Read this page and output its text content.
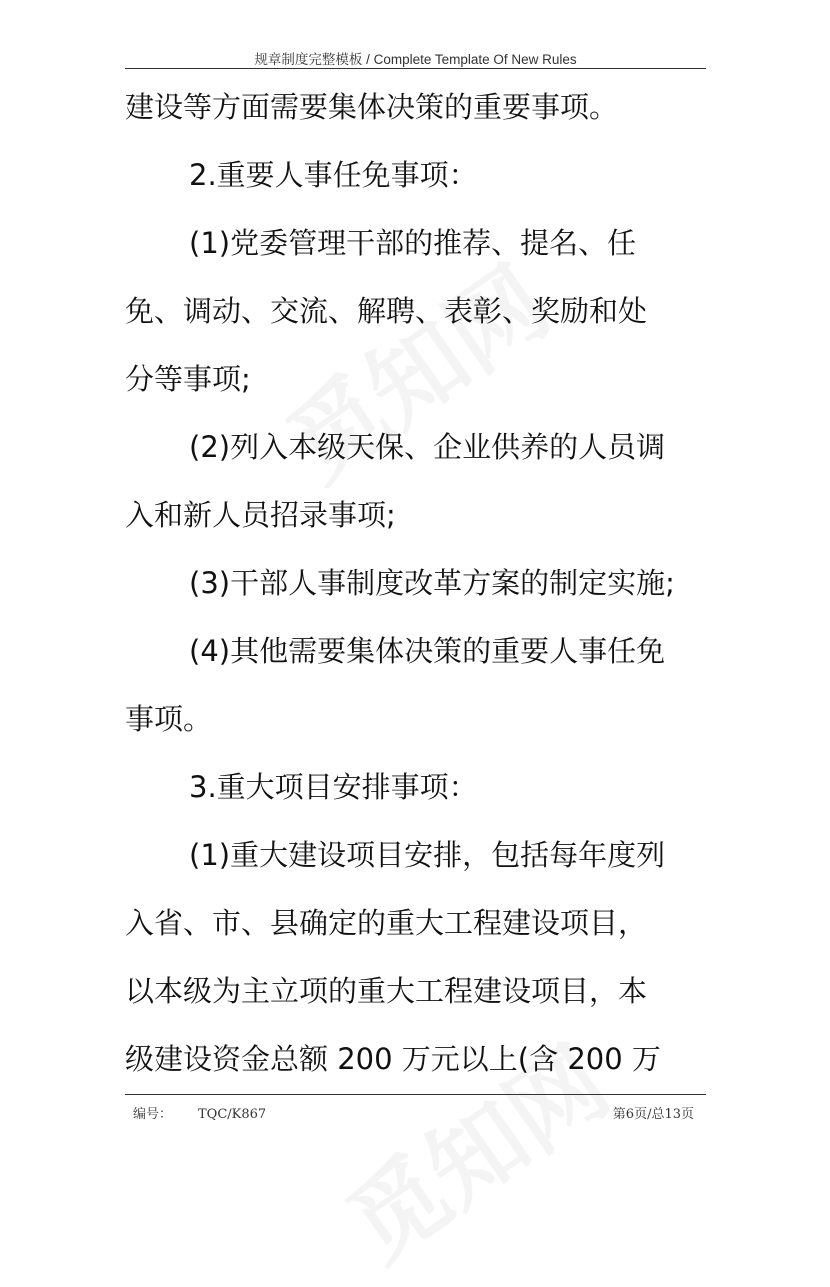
规章制度完整模板 / Complete Template Of New Rules
建设等方面需要集体决策的重要事项。
2.重要人事任免事项：
(1)党委管理干部的推荐、提名、任
免、调动、交流、解聘、表彰、奖励和处
分等事项;
(2)列入本级天保、企业供养的人员调
入和新人员招录事项;
(3)干部人事制度改革方案的制定实施;
(4)其他需要集体决策的重要人事任免
事项。
3.重大项目安排事项：
(1)重大建设项目安排，包括每年度列
入省、市、县确定的重大工程建设项目，
以本级为主立项的重大工程建设项目，本
级建设资金总额 200 万元以上(含 200 万
编号： TQC/K867	第6页/总13页
